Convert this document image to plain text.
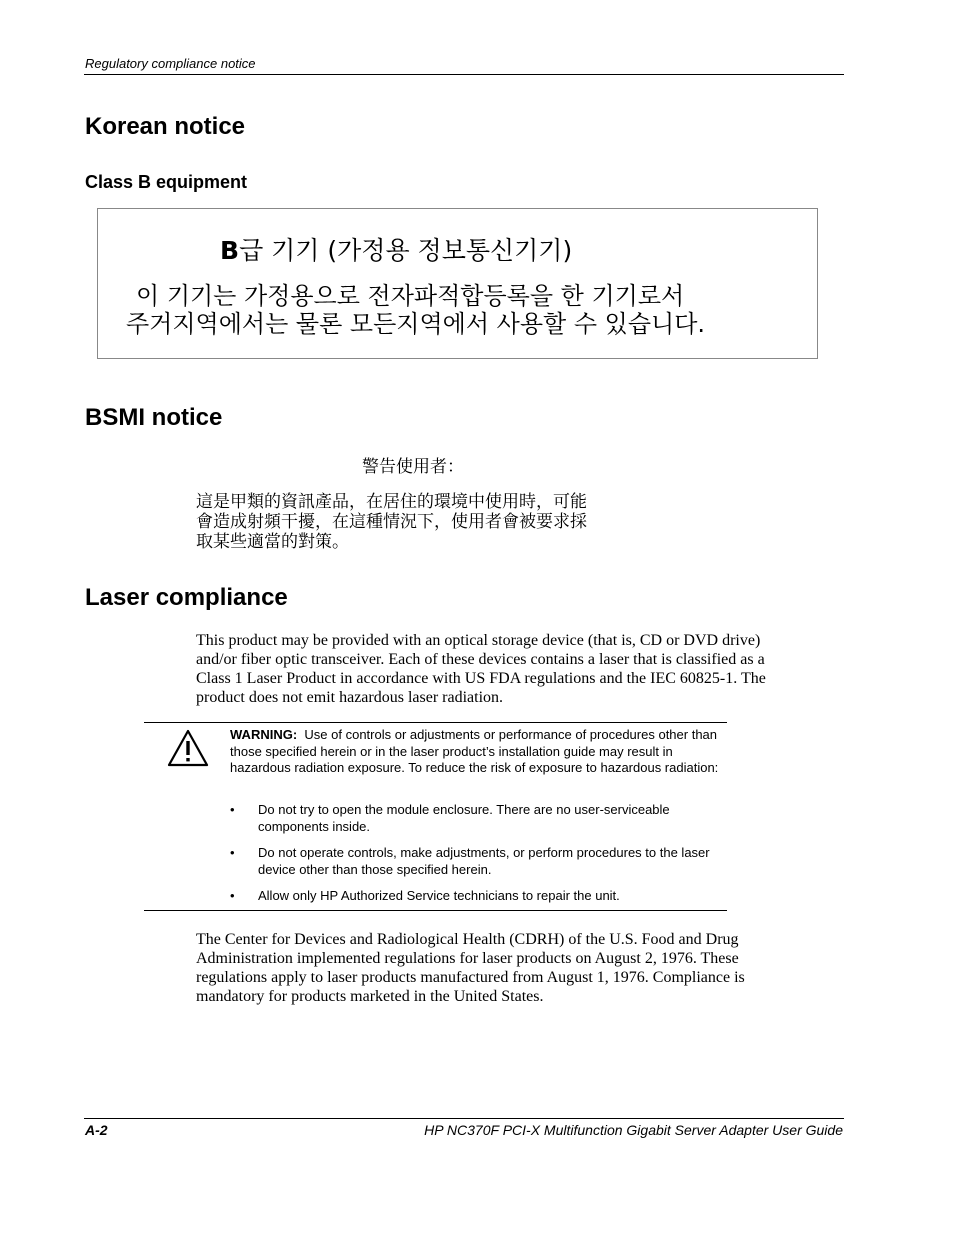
Regulatory compliance notice
Korean notice
Class B equipment
B급 기기 (가정용 정보통신기기)
이 기기는 가정용으로 전자파적합등록을 한 기기로서
주거지역에서는 물론 모든지역에서 사용할 수 있습니다.
BSMI notice
警告使用者：
這是甲類的資訊產品，在居住的環境中使用時，可能
會造成射頻干擾，在這種情況下，使用者會被要求採
取某些適當的對策。
Laser compliance
This product may be provided with an optical storage device (that is, CD or DVD drive)
and/or fiber optic transceiver. Each of these devices contains a laser that is classified as a
Class 1 Laser Product in accordance with US FDA regulations and the IEC 60825-1. The
product does not emit hazardous laser radiation.
WARNING: Use of controls or adjustments or performance of procedures other than those specified herein or in the laser product’s installation guide may result in hazardous radiation exposure. To reduce the risk of exposure to hazardous radiation:
• Do not try to open the module enclosure. There are no user-serviceable components inside.
• Do not operate controls, make adjustments, or perform procedures to the laser device other than those specified herein.
• Allow only HP Authorized Service technicians to repair the unit.
The Center for Devices and Radiological Health (CDRH) of the U.S. Food and Drug
Administration implemented regulations for laser products on August 2, 1976. These
regulations apply to laser products manufactured from August 1, 1976. Compliance is
mandatory for products marketed in the United States.
A-2	HP NC370F PCI-X Multifunction Gigabit Server Adapter User Guide
